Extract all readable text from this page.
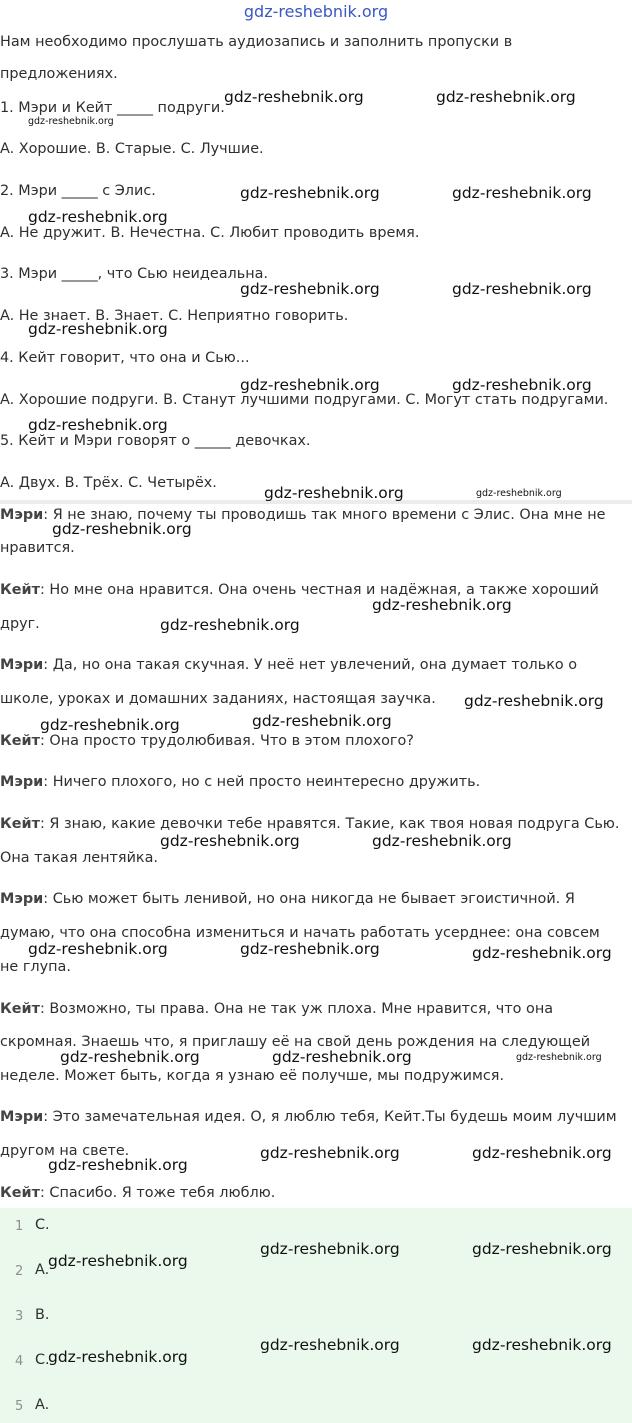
gdz-reshebnik.org
Нам необходимо прослушать аудиозапись и заполнить пропуски в
предложениях.
1. Мэри и Кейт _____ подруги.
A. Хорошие. B. Старые. C. Лучшие.
2. Мэри _____ с Элис.
A. Не дружит. B. Нечестна. C. Любит проводить время.
3. Мэри _____, что Сью неидеальна.
A. Не знает. B. Знает. C. Неприятно говорить.
4. Кейт говорит, что она и Сью...
A. Хорошие подруги. B. Станут лучшими подругами. C. Могут стать подругами.
5. Кейт и Мэри говорят о _____ девочках.
A. Двух. B. Трёх. C. Четырёх.
Мэри: Я не знаю, почему ты проводишь так много времени с Элис. Она мне не
нравится.
Кейт: Но мне она нравится. Она очень честная и надёжная, а также хороший
друг.
Мэри: Да, но она такая скучная. У неё нет увлечений, она думает только о
школе, уроках и домашних заданиях, настоящая заучка.
Кейт: Она просто трудолюбивая. Что в этом плохого?
Мэри: Ничего плохого, но с ней просто неинтересно дружить.
Кейт: Я знаю, какие девочки тебе нравятся. Такие, как твоя новая подруга Сью.
Она такая лентяйка.
Мэри: Сью может быть ленивой, но она никогда не бывает эгоистичной. Я
думаю, что она способна измениться и начать работать усерднее: она совсем
не глупа.
Кейт: Возможно, ты права. Она не так уж плоха. Мне нравится, что она
скромная. Знаешь что, я приглашу её на свой день рождения на следующей
неделе. Может быть, когда я узнаю её получше, мы подружимся.
Мэри: Это замечательная идея. О, я люблю тебя, Кейт.Ты будешь моим лучшим
другом на свете.
Кейт: Спасибо. Я тоже тебя люблю.
1 C.
2 A.
3 B.
4 C.
5 A.
gdz-reshebnik.org	gdz-reshebnik.org
gdz-reshebnik.org
gdz-reshebnik.org	gdz-reshebnik.org
gdz-reshebnik.org
gdz-reshebnik.org	gdz-reshebnik.org
gdz-reshebnik.org
gdz-reshebnik.org	gdz-reshebnik.org
gdz-reshebnik.org
gdz-reshebnik.org	gdz-reshebnik.org
gdz-reshebnik.org
gdz-reshebnik.org
gdz-reshebnik.org
gdz-reshebnik.org
gdz-reshebnik.org
gdz-reshebnik.org
gdz-reshebnik.org	gdz-reshebnik.org
gdz-reshebnik.org	gdz-reshebnik.org	gdz-reshebnik.org
gdz-reshebnik.org	gdz-reshebnik.org	gdz-reshebnik.org
gdz-reshebnik.org	gdz-reshebnik.org
gdz-reshebnik.org
gdz-reshebnik.org	gdz-reshebnik.org
gdz-reshebnik.org
gdz-reshebnik.org	gdz-reshebnik.org
gdz-reshebnik.org
